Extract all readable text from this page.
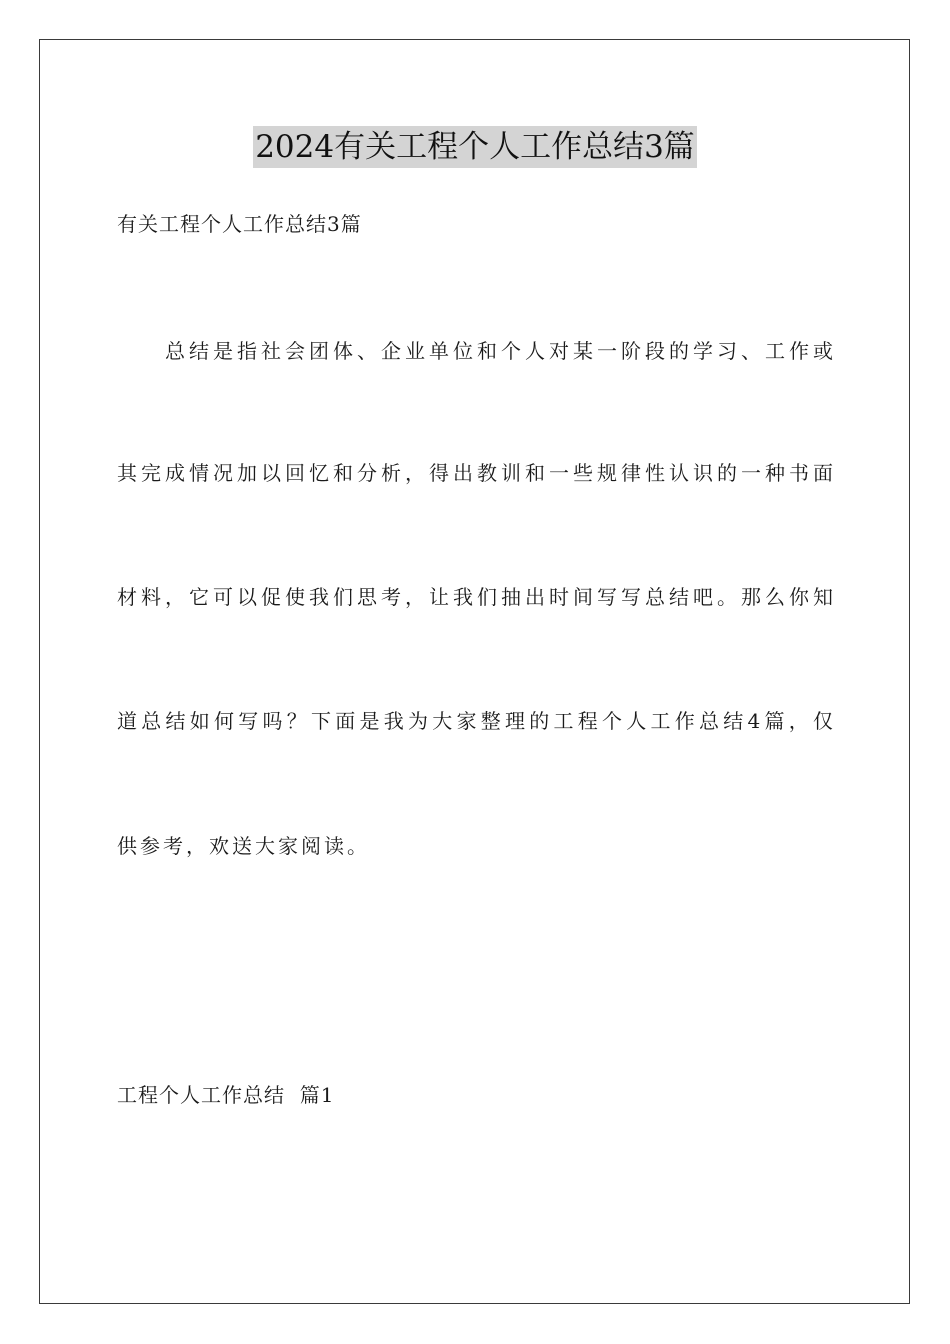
2024有关工程个人工作总结3篇
有关工程个人工作总结3篇
总结是指社会团体、企业单位和个人对某一阶段的学习、工作或
其完成情况加以回忆和分析，得出教训和一些规律性认识的一种书面
材料，它可以促使我们思考，让我们抽出时间写写总结吧。那么你知
道总结如何写吗？下面是我为大家整理的工程个人工作总结4篇，仅
供参考，欢送大家阅读。
工程个人工作总结  篇1
